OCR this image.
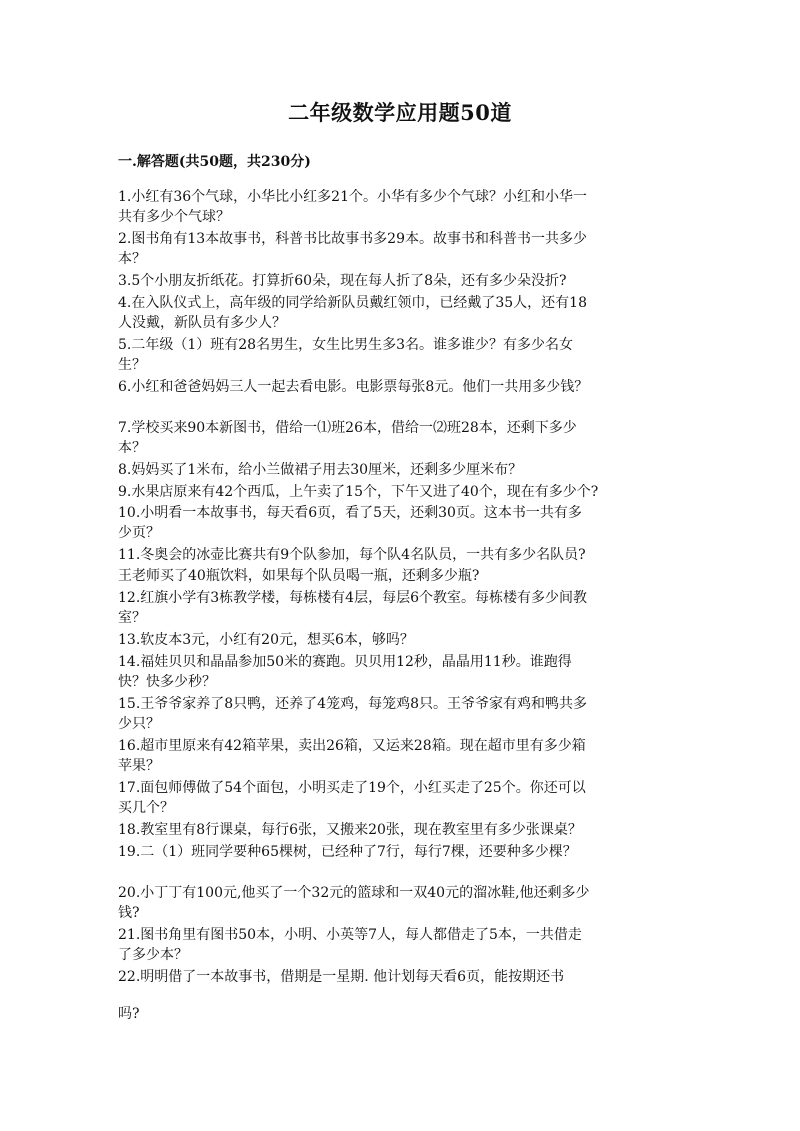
二年级数学应用题50道
一.解答题(共50题，共230分)
1.小红有36个气球，小华比小红多21个。小华有多少个气球？小红和小华一
共有多少个气球？
2.图书角有13本故事书，科普书比故事书多29本。故事书和科普书一共多少
本？
3.5个小朋友折纸花。打算折60朵，现在每人折了8朵，还有多少朵没折?
4.在入队仪式上，高年级的同学给新队员戴红领巾，已经戴了35人，还有18
人没戴，新队员有多少人？
5.二年级（1）班有28名男生，女生比男生多3名。谁多谁少？有多少名女
生？
6.小红和爸爸妈妈三人一起去看电影。电影票每张8元。他们一共用多少钱？
7.学校买来90本新图书，借给一⑴班26本，借给一⑵班28本，还剩下多少
本？
8.妈妈买了1米布，给小兰做裙子用去30厘米，还剩多少厘米布？
9.水果店原来有42个西瓜，上午卖了15个，下午又进了40个，现在有多少个?
10.小明看一本故事书，每天看6页，看了5天，还剩30页。这本书一共有多
少页？
11.冬奥会的冰壶比赛共有9个队参加，每个队4名队员，一共有多少名队员?
王老师买了40瓶饮料，如果每个队员喝一瓶，还剩多少瓶?
12.红旗小学有3栋教学楼，每栋楼有4层，每层6个教室。每栋楼有多少间教
室？
13.软皮本3元，小红有20元，想买6本，够吗？
14.福娃贝贝和晶晶参加50米的赛跑。贝贝用12秒，晶晶用11秒。谁跑得
快？快多少秒？
15.王爷爷家养了8只鸭，还养了4笼鸡，每笼鸡8只。王爷爷家有鸡和鸭共多
少只？
16.超市里原来有42箱苹果，卖出26箱，又运来28箱。现在超市里有多少箱
苹果？
17.面包师傅做了54个面包，小明买走了19个，小红买走了25个。你还可以
买几个？
18.教室里有8行课桌，每行6张，又搬来20张，现在教室里有多少张课桌？
19.二（1）班同学要种65棵树，已经种了7行，每行7棵，还要种多少棵？
20.小丁丁有100元,他买了一个32元的篮球和一双40元的溜冰鞋,他还剩多少
钱?
21.图书角里有图书50本，小明、小英等7人，每人都借走了5本，一共借走
了多少本？
22.明明借了一本故事书，借期是一星期. 他计划每天看6页，能按期还书
吗?
